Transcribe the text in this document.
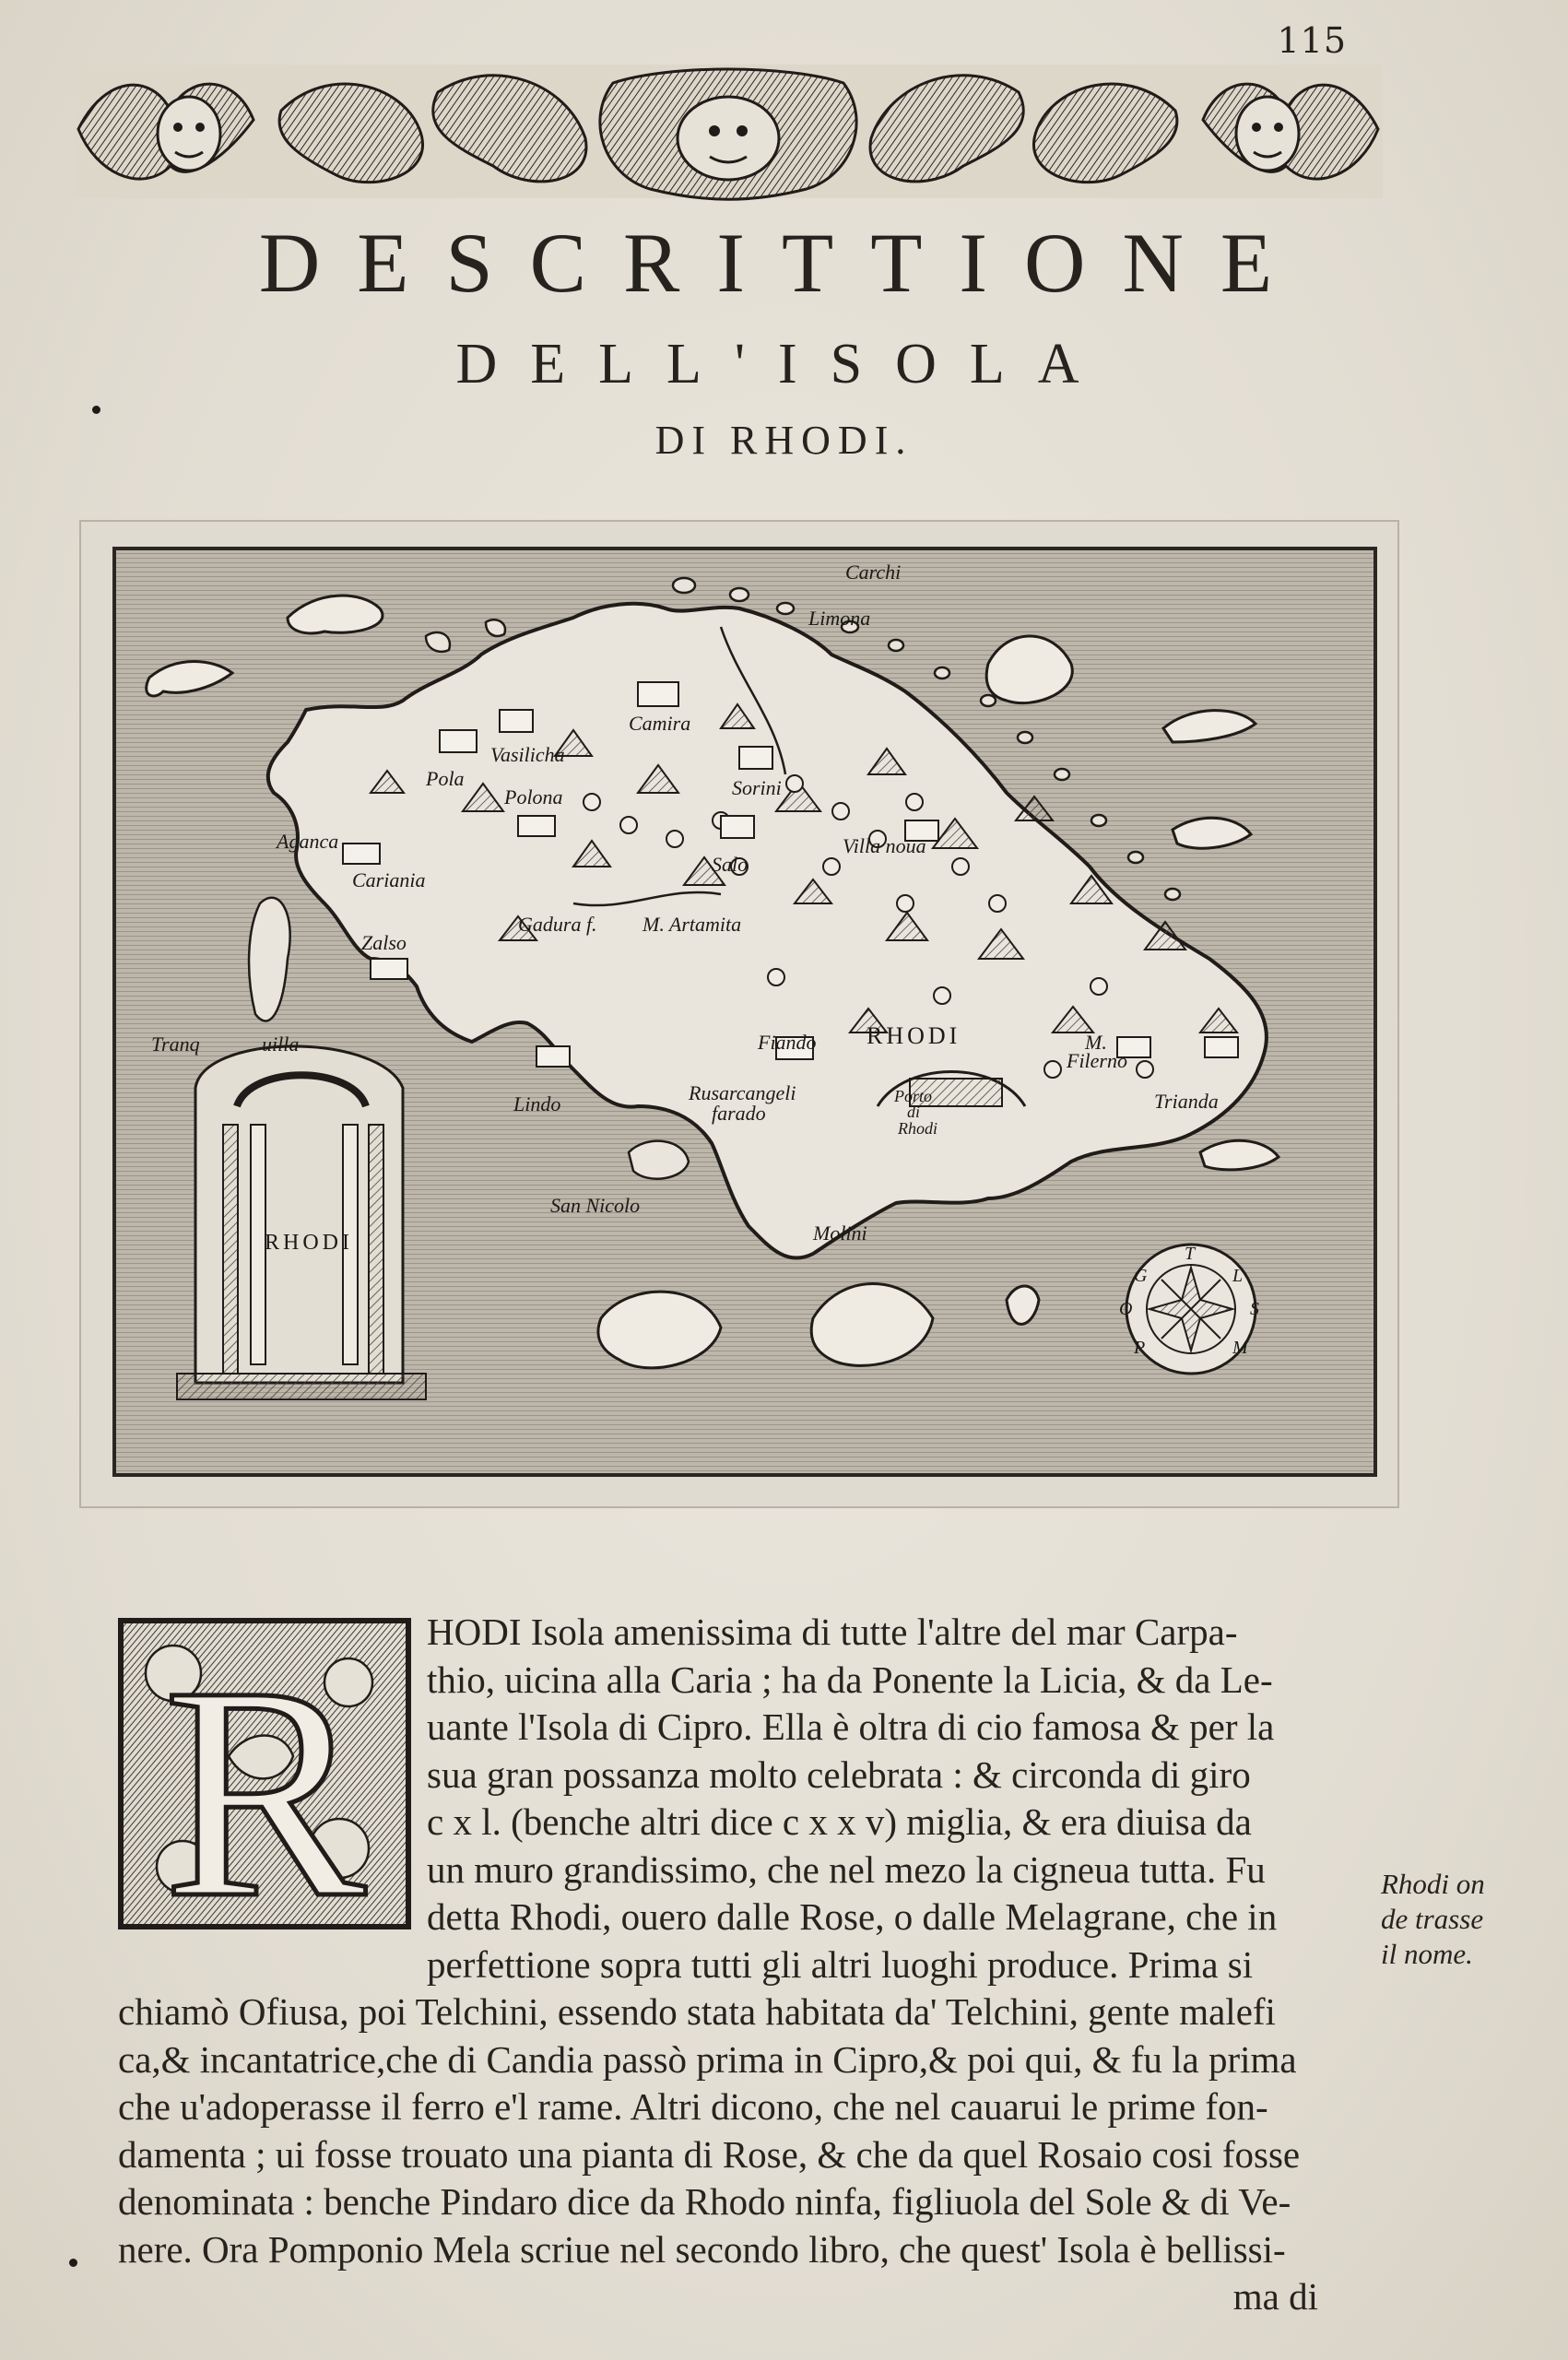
115
DESCRITTIONE
DELL'ISOLA
DI RHODI.
T
G	L
S
O
P	M
RHODI
Carchi
Limona
Camira
Vasilicha
Pola
Polona	Sorini
Villa noua
Salo
Aganca
Cariania
Gadura f. M. Artamita
Zalso
Tranq	uilla	Fiando RHODI	M.
Filerno
Trianda
Lindo	Rusarcangeli
farado
Porto
di
Rhodi
San Nicolo
Molini
R	HODI Isola amenissima di tutte l'altre del mar Carpa-
thio, uicina alla Caria ; ha da Ponente la Licia, & da Le-
uante l'Isola di Cipro. Ella è oltra di cio famosa & per la
sua gran possanza molto celebrata : & circonda di giro
c x l. (benche altri dice c x x v) miglia, & era diuisa da
un muro grandissimo, che nel mezo la cigneua tutta. Fu
detta Rhodi, ouero dalle Rose, o dalle Melagrane, che in
perfettione sopra tutti gli altri luoghi produce. Prima si
chiamò Ofiusa, poi Telchini, essendo stata habitata da' Telchini, gente malefi
ca,& incantatrice,che di Candia passò prima in Cipro,& poi qui, & fu la prima
che u'adoperasse il ferro e'l rame. Altri dicono, che nel cauarui le prime fon-
damenta ; ui fosse trouato una pianta di Rose, & che da quel Rosaio cosi fosse
denominata : benche Pindaro dice da Rhodo ninfa, figliuola del Sole & di Ve-
nere. Ora Pomponio Mela scriue nel secondo libro, che quest' Isola è bellissi-
ma di
Rhodi on
de trasse
il nome.
